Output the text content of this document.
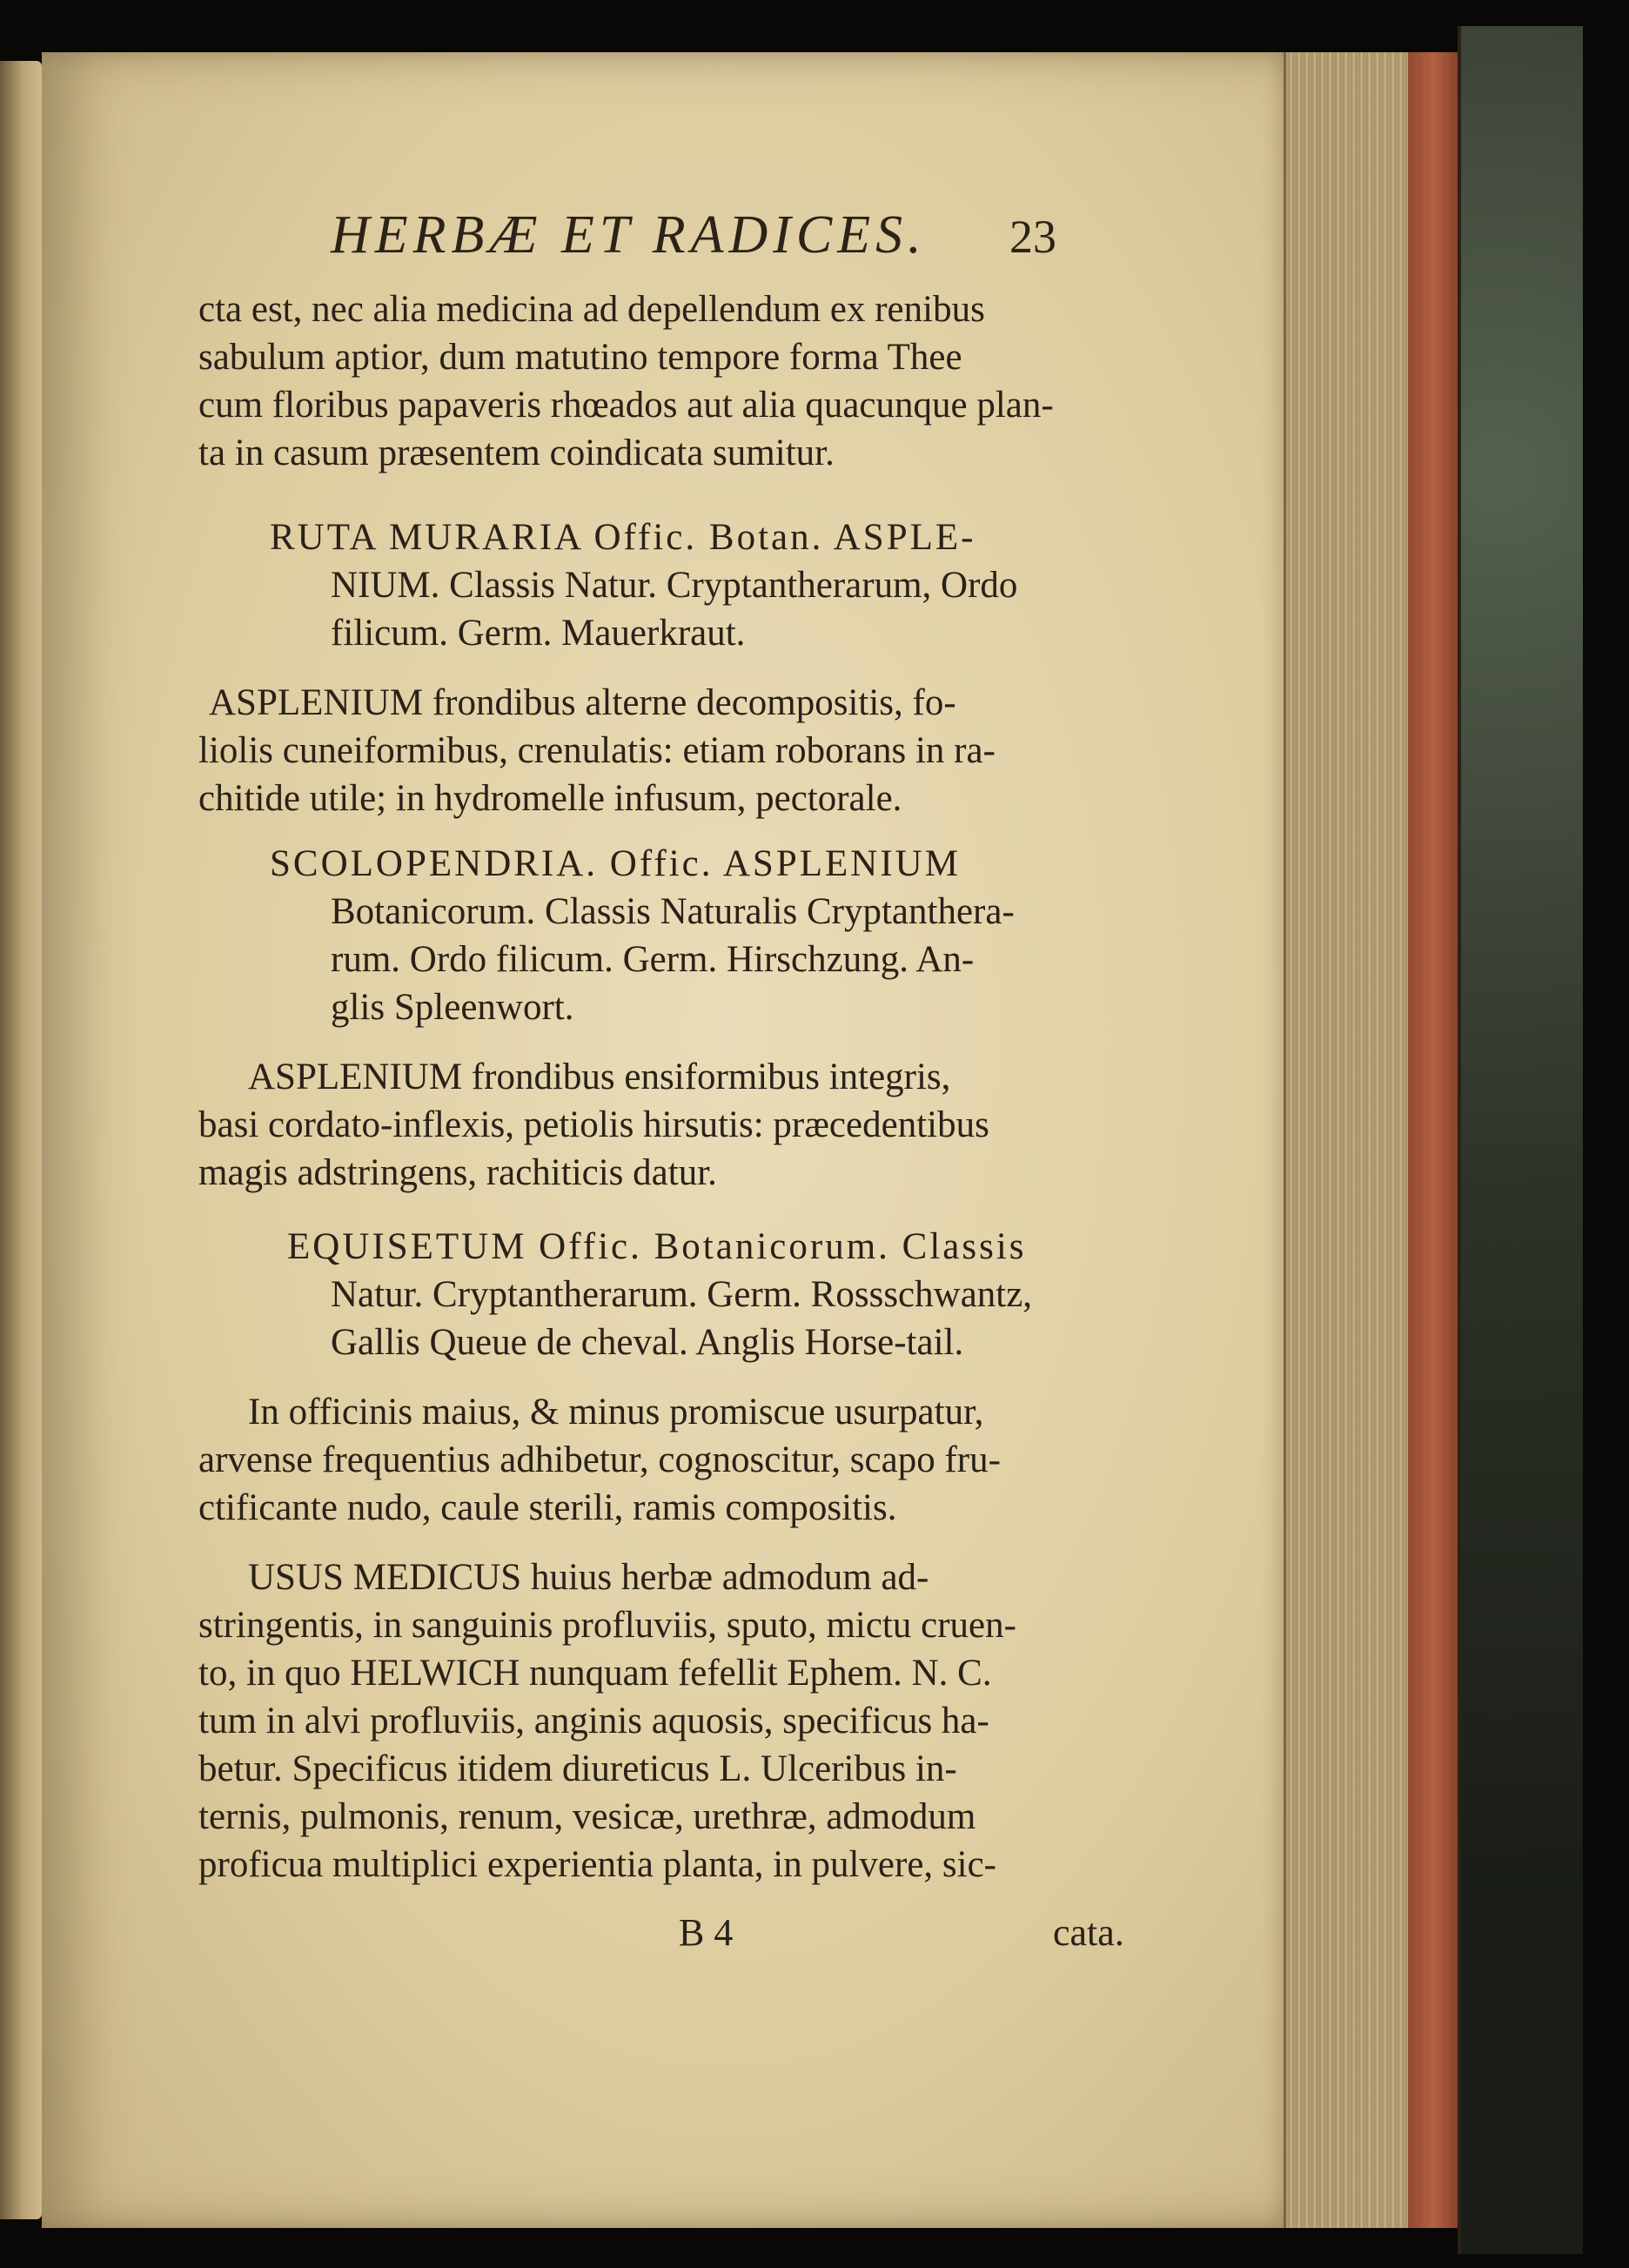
HERBÆ ET RADICES. 23
cta est, nec alia medicina ad depellendum ex renibus
sabulum aptior, dum matutino tempore forma Thee
cum floribus papaveris rhœados aut alia quacunque plan-
ta in casum præsentem coindicata sumitur.
RUTA MURARIA Offic. Botan. ASPLE-
NIUM. Classis Natur. Cryptantherarum, Ordo
filicum. Germ. Mauerkraut.
ASPLENIUM frondibus alterne decompositis, fo-
liolis cuneiformibus, crenulatis: etiam roborans in ra-
chitide utile; in hydromelle infusum, pectorale.
SCOLOPENDRIA. Offic. ASPLENIUM
Botanicorum. Classis Naturalis Cryptanthera-
rum. Ordo filicum. Germ. Hirschzung. An-
glis Spleenwort.
ASPLENIUM frondibus ensiformibus integris,
basi cordato-inflexis, petiolis hirsutis: præcedentibus
magis adstringens, rachiticis datur.
EQUISETUM Offic. Botanicorum. Classis
Natur. Cryptantherarum. Germ. Rossschwantz,
Gallis Queue de cheval. Anglis Horse-tail.
In officinis maius, & minus promiscue usurpatur,
arvense frequentius adhibetur, cognoscitur, scapo fru-
ctificante nudo, caule sterili, ramis compositis.
USUS MEDICUS huius herbæ admodum ad-
stringentis, in sanguinis profluviis, sputo, mictu cruen-
to, in quo HELWICH nunquam fefellit Ephem. N. C.
tum in alvi profluviis, anginis aquosis, specificus ha-
betur. Specificus itidem diureticus L. Ulceribus in-
ternis, pulmonis, renum, vesicæ, urethræ, admodum
proficua multiplici experientia planta, in pulvere, sic-
B 4	cata.
